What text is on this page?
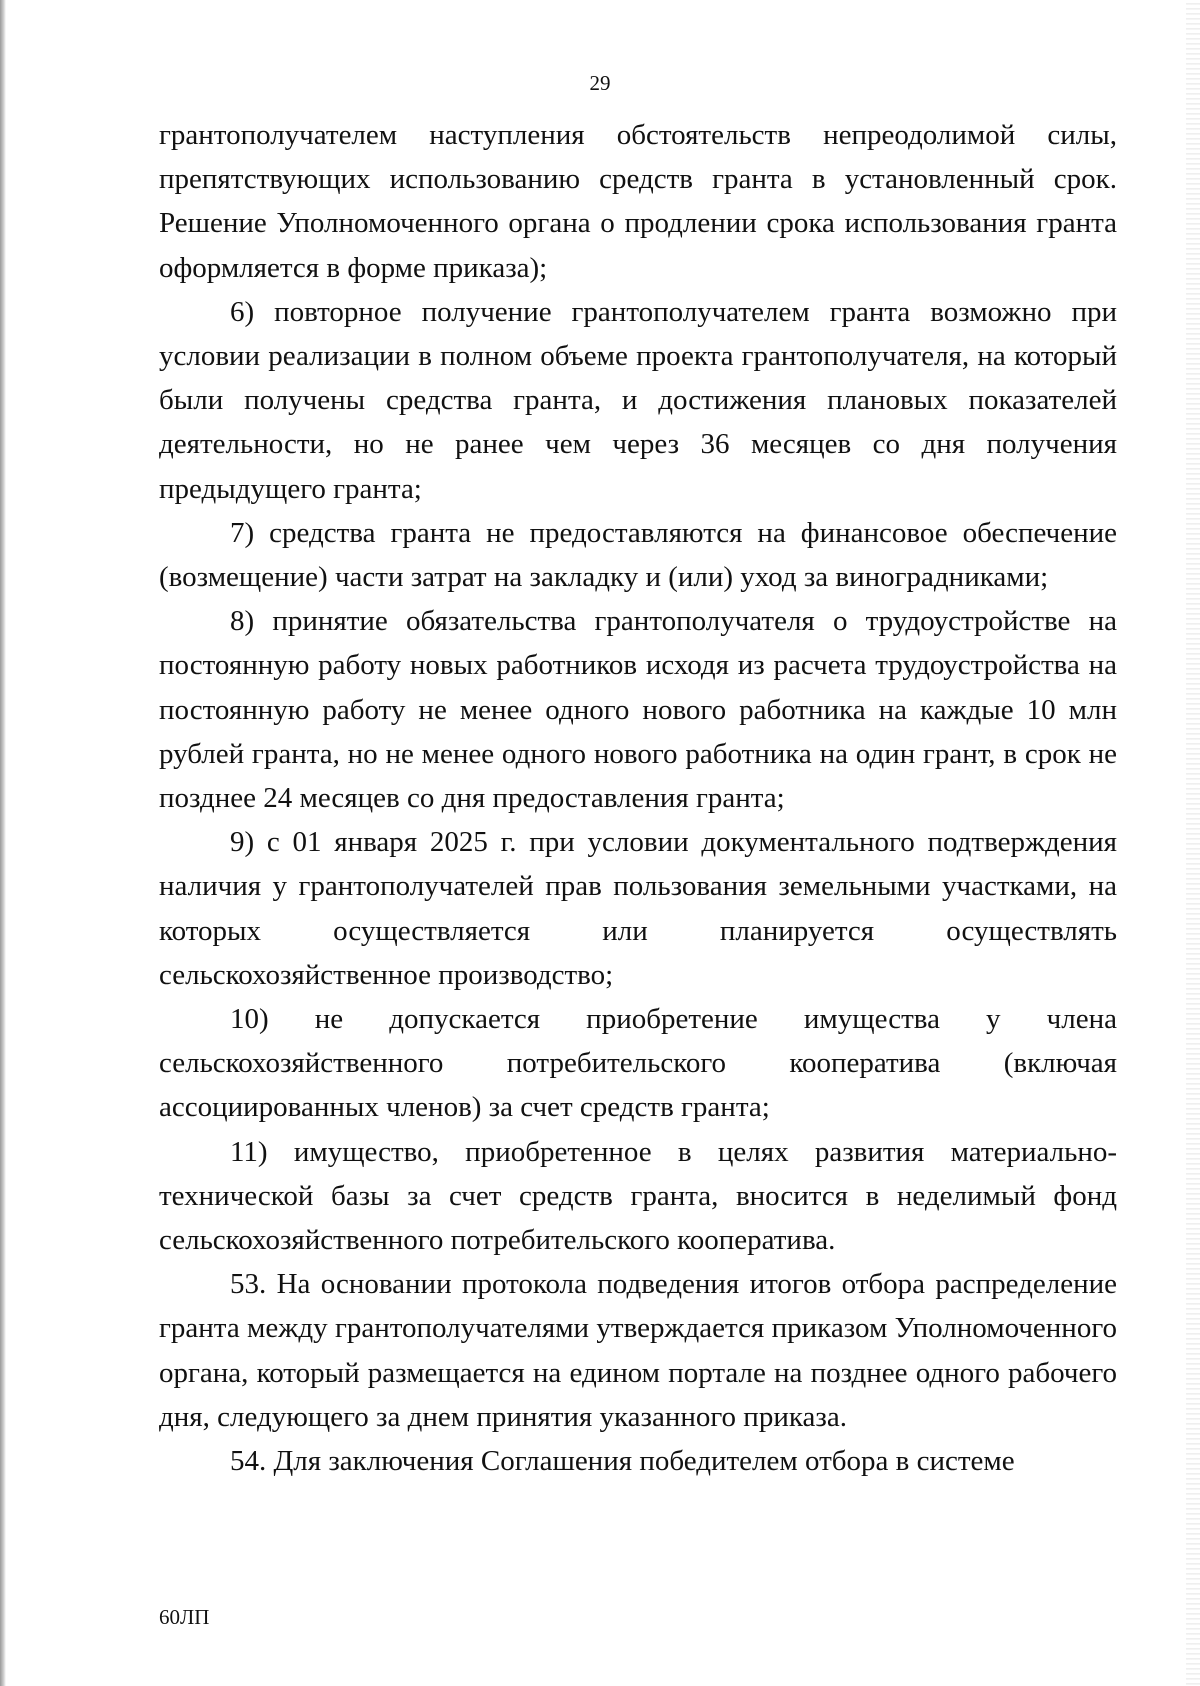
29

грантополучателем наступления обстоятельств непреодолимой силы, препятствующих использованию средств гранта в установленный срок. Решение Уполномоченного органа о продлении срока использования гранта оформляется в форме приказа);

6) повторное получение грантополучателем гранта возможно при условии реализации в полном объеме проекта грантополучателя, на который были получены средства гранта, и достижения плановых показателей деятельности, но не ранее чем через 36 месяцев со дня получения предыдущего гранта;

7) средства гранта не предоставляются на финансовое обеспечение (возмещение) части затрат на закладку и (или) уход за виноградниками;

8) принятие обязательства грантополучателя о трудоустройстве на постоянную работу новых работников исходя из расчета трудоустройства на постоянную работу не менее одного нового работника на каждые 10 млн рублей гранта, но не менее одного нового работника на один грант, в срок не позднее 24 месяцев со дня предоставления гранта;

9) с 01 января 2025 г. при условии документального подтверждения наличия у грантополучателей прав пользования земельными участками, на которых осуществляется или планируется осуществлять сельскохозяйственное производство;

10) не допускается приобретение имущества у члена сельскохозяйственного потребительского кооператива (включая ассоциированных членов) за счет средств гранта;

11) имущество, приобретенное в целях развития материально-технической базы за счет средств гранта, вносится в неделимый фонд сельскохозяйственного потребительского кооператива.

53. На основании протокола подведения итогов отбора распределение гранта между грантополучателями утверждается приказом Уполномоченного органа, который размещается на едином портале на позднее одного рабочего дня, следующего за днем принятия указанного приказа.

54. Для заключения Соглашения победителем отбора в системе

60ЛП
